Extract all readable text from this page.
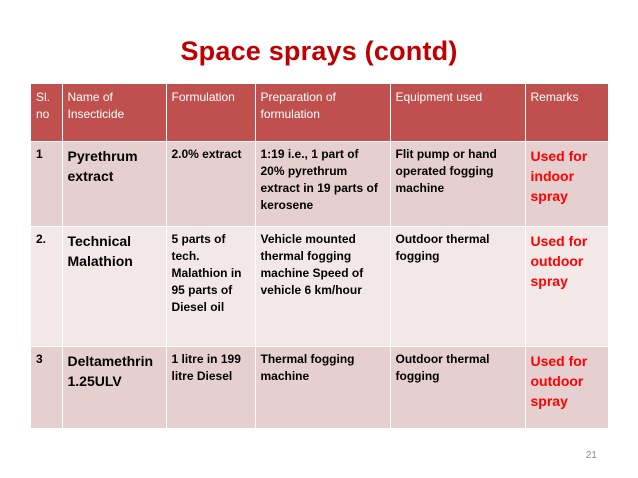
Space sprays (contd)
Sl. no	Name of Insecticide	Formulation	Preparation of formulation	Equipment used	Remarks
1	Pyrethrum extract	2.0% extract	1:19 i.e., 1 part of 20% pyrethrum extract in 19 parts of kerosene	Flit pump or hand operated fogging machine	Used for indoor spray
2.	Technical Malathion	5 parts of tech. Malathion in 95 parts of Diesel oil	Vehicle mounted thermal fogging machine Speed of vehicle 6 km/hour	Outdoor thermal fogging	Used for outdoor spray
3	Deltamethrin 1.25ULV	1 litre in 199 litre Diesel	Thermal fogging machine	Outdoor thermal fogging	Used for outdoor spray
21
